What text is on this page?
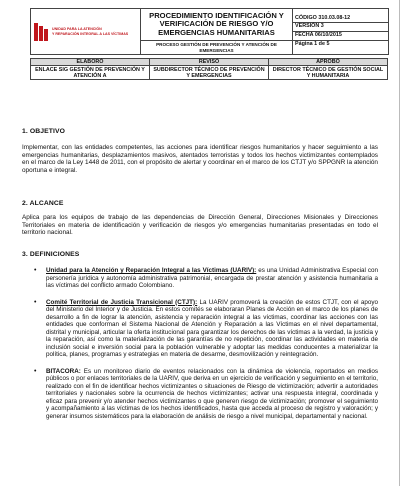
UNIDAD PARA LA ATENCIÓN
Y REPARACIÓN INTEGRAL A LAS VÍCTIMAS
	PROCEDIMIENTO IDENTIFICACIÓN Y VERIFICACIÓN DE RIESGO Y/O EMERGENCIAS HUMANITARIAS	
CÓDIGO 310.03.08-12
VERSIÓN 3
FECHA 06/10/2015
Página 1 de 5

PROCESO GESTIÓN DE PREVENCIÓN Y ATENCIÓN DE EMERGENCIAS
ELABORÓ	REVISÓ	APROBÓ
ENLACE SIG GESTIÓN DE PREVENCIÓN Y ATENCIÓN A	SUBDIRECTOR TÉCNICO DE PREVENCIÓN Y EMERGENCIAS	DIRECTOR TÉCNICO DE GESTIÓN SOCIAL Y HUMANITARIA
1. OBJETIVO
Implementar, con las entidades competentes, las acciones para identificar riesgos humanitarios y hacer seguimiento a las emergencias humanitarias, desplazamientos masivos, atentados terroristas y todos los hechos victimizantes contemplados en el marco de la Ley 1448 de 2011, con el propósito de alertar y coordinar en el marco de los CTJT y/o SPPGNR la atención oportuna e integral.
2. ALCANCE
Aplica para los equipos de trabajo de las dependencias de Dirección General, Direcciones Misionales y Direcciones Territoriales en materia de identificación y verificación de riesgos y/o emergencias humanitarias presentadas en todo el territorio nacional.
3. DEFINICIONES
• Unidad para la Atención y Reparación Integral a las Víctimas (UARIV): es una Unidad Administrativa Especial con personería jurídica y autonomía administrativa patrimonial, encargada de prestar atención y asistencia humanitaria a las víctimas del conflicto armado Colombiano.
• Comité Territorial de Justicia Transicional (CTJT): La UARIV promoverá la creación de estos CTJT, con el apoyo del Ministerio del Interior y de Justicia. En estos comités se elaboraran Planes de Acción en el marco de los planes de desarrollo a fin de lograr la atención, asistencia y reparación integral a las víctimas, coordinar las acciones con las entidades que conforman el Sistema Nacional de Atención y Reparación a las Víctimas en el nivel departamental, distrital y municipal, articular la oferta institucional para garantizar los derechos de las víctimas a la verdad, la justicia y la reparación, así como la materialización de las garantías de no repetición, coordinar las actividades en materia de inclusión social e inversión social para la población vulnerable y adoptar las medidas conducentes a materializar la política, planes, programas y estrategias en materia de desarme, desmovilización y reintegración.
• BITACORA: Es un monitoreo diario de eventos relacionados con la dinámica de violencia, reportados en medios públicos o por enlaces territoriales de la UARIV, que deriva en un ejercicio de verificación y seguimiento en el territorio, realizado con el fin de identificar hechos victimizantes o situaciones de Riesgo de victimización; advertir a autoridades territoriales y nacionales sobre la ocurrencia de hechos victimizantes; activar una respuesta integral, coordinada y eficaz para prevenir y/o atender hechos victimizantes o que generen riesgo de victimización; promover el seguimiento y acompañamiento a las víctimas de los hechos identificados, hasta que acceda al proceso de registro y valoración; y generar insumos sistemáticos para la elaboración de análisis de riesgo a nivel municipal, departamental y nacional.
